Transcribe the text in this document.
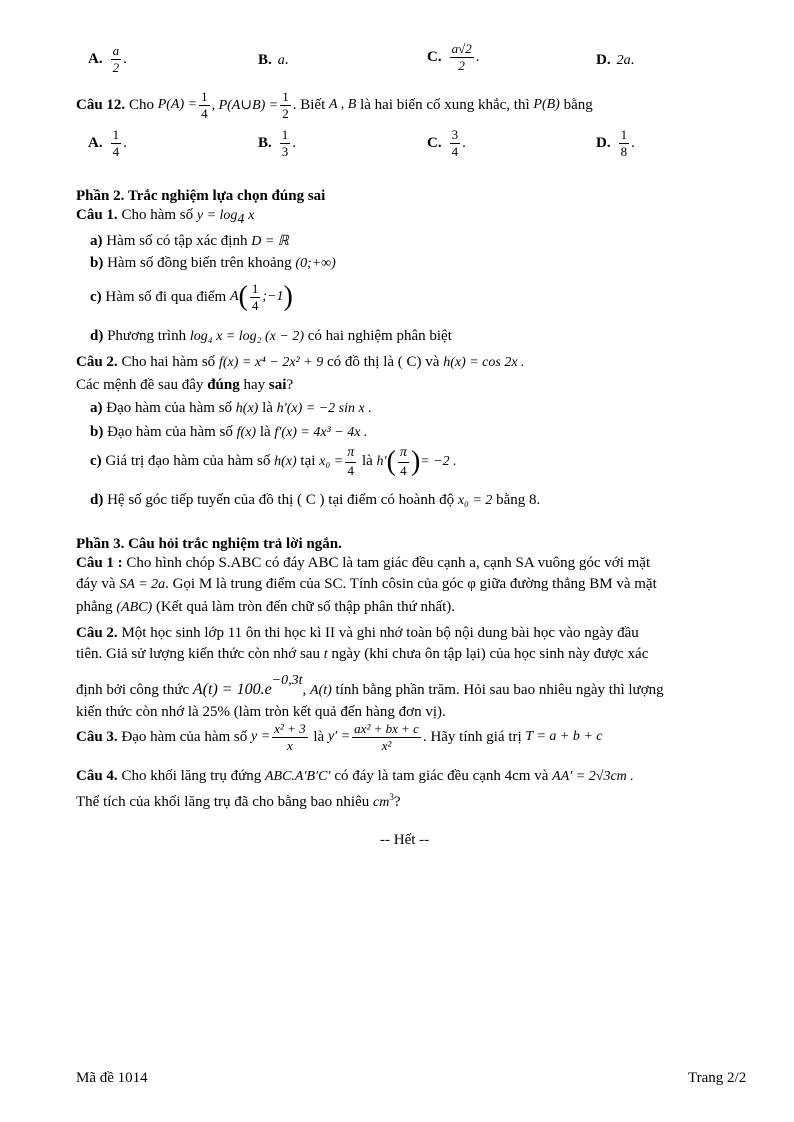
A. $\frac{a}{2}$ .	B. a .	C. $\frac{a√2}{2}$ .	D. 2a .
Câu 12.
Cho
$P(A) = \frac{1}{4}$ , P(A∪B) = $\frac{1}{2}$ . Biết
A , B
là hai biến cố xung khắc, thì
P(B)
bằng
A. $\frac{1}{4}$ .	B. $\frac{1}{3}$ .	C. $\frac{3}{4}$ .	D. $\frac{1}{8}$ .
Phần 2. Trắc nghiệm lựa chọn đúng sai
Câu 1. Cho hàm số $y = \log_4 x$
a) Hàm số có tập xác định D = ℝ
b) Hàm số đồng biến trên khoảng (0;+∞)
c)
Hàm số đi qua điểm
A ( $\frac{1}{4}$ ;−1 )
d) Phương trình log₄ x = log₂ (x − 2) có hai nghiệm phân biệt
Câu 2. Cho hai hàm số f(x) = x⁴ − 2x² + 9 có đồ thị là ( C) và h(x) = cos 2x .
Các mệnh đề sau đây đúng hay sai?
a) Đạo hàm của hàm số h(x) là h′(x) = −2 sin x .
b) Đạo hàm của hàm số f(x) là f′(x) = 4x³ − 4x .
c)
Giá trị đạo hàm của hàm số
h(x)
tại
$x_0 = \frac{\pi}{4}$
là
h′ ( $\frac{\pi}{4}$ ) = −2 .
d) Hệ số góc tiếp tuyến của đồ thị ( C ) tại điểm có hoành độ x₀ = 2 bằng 8.
Phần 3. Câu hỏi trắc nghiệm trả lời ngắn.
Câu 1 : Cho hình chóp S.ABC có đáy ABC là tam giác đều cạnh a, cạnh SA vuông góc với mặt
đáy và SA = 2a. Gọi M là trung điểm của SC. Tính côsin của góc φ giữa đường thẳng BM và mặt
phẳng (ABC) (Kết quả làm tròn đến chữ số thập phân thứ nhất).
Câu 2. Một học sinh lớp 11 ôn thi học kì II và ghi nhớ toàn bộ nội dung bài học vào ngày đầu
tiên. Giả sử lượng kiến thức còn nhớ sau t ngày (khi chưa ôn tập lại) của học sinh này được xác
định bởi công thức $A(t) = 100.e^{-0,3t}$, A(t) tính bằng phần trăm. Hỏi sau bao nhiêu ngày thì lượng
kiến thức còn nhớ là 25% (làm tròn kết quả đến hàng đơn vị).
Câu 3.
Đạo hàm của hàm số
$y = \frac{\text{x² + 3}}{x}$
là
$y' = \frac{\text{ax² + bx + c}}{\text{x²}}$ . Hãy tính giá trị
T = a + b + c
Câu 4. Cho khối lăng trụ đứng ABC.A′B′C′ có đáy là tam giác đều cạnh 4cm và AA′ = 2√3cm .
Thể tích của khối lăng trụ đã cho bằng bao nhiêu $cm^3$?
-- Hết --
Mã đề 1014	Trang 2/2
